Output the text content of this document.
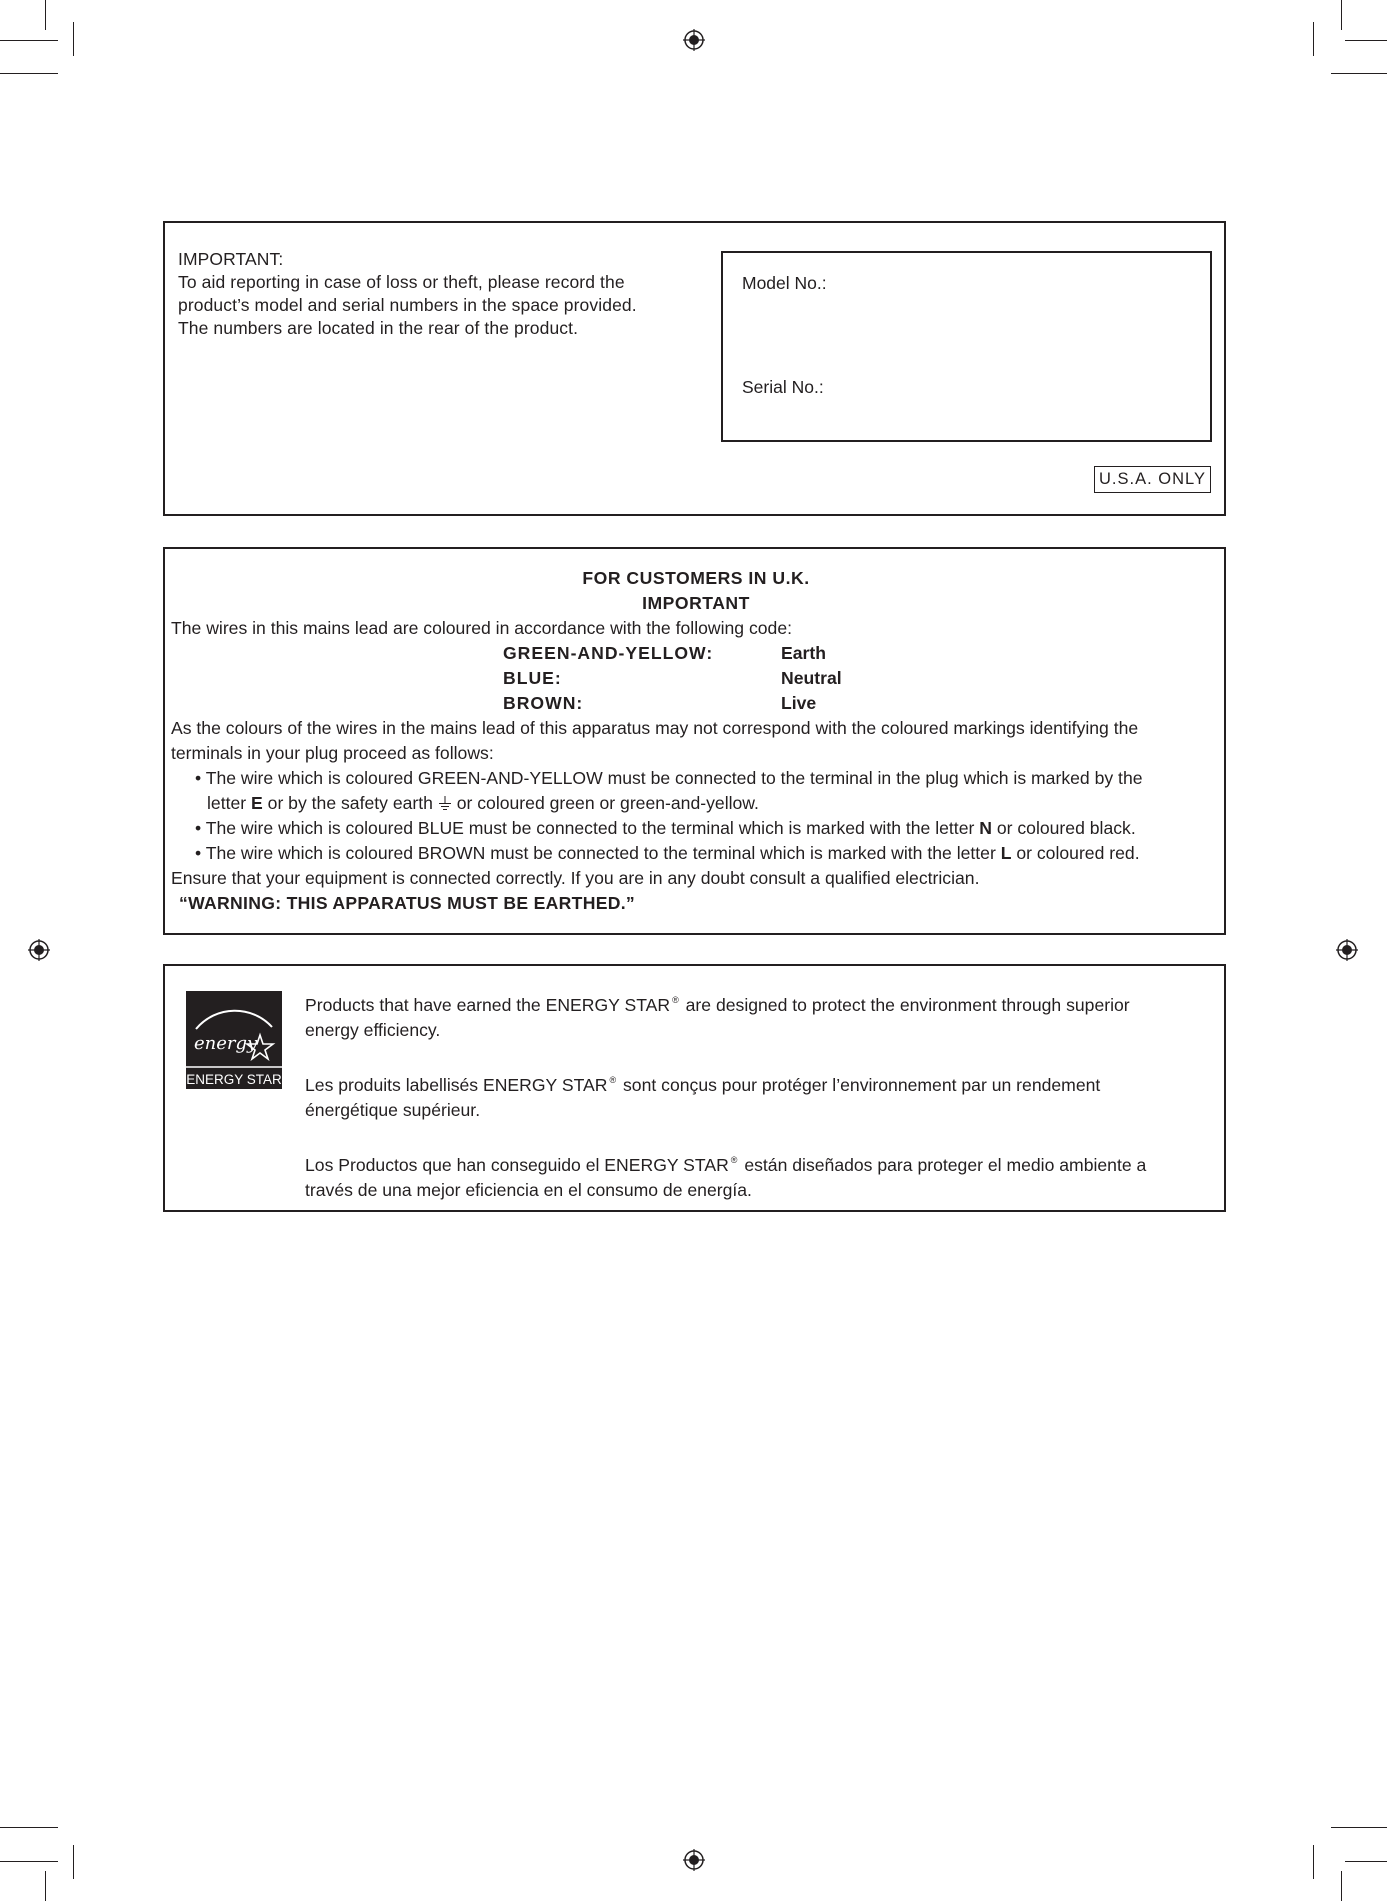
IMPORTANT:
To aid reporting in case of loss or theft, please record the
product’s model and serial numbers in the space provided.
The numbers are located in the rear of the product.
Model No.:
Serial No.:
U.S.A. ONLY
FOR CUSTOMERS IN U.K.
IMPORTANT
The wires in this mains lead are coloured in accordance with the following code:
GREEN-AND-YELLOW:	Earth
BLUE:	Neutral
BROWN:	Live
As the colours of the wires in the mains lead of this apparatus may not correspond with the coloured markings identifying the
terminals in your plug proceed as follows:
• The wire which is coloured GREEN-AND-YELLOW must be connected to the terminal in the plug which is marked by the
letter E or by the safety earth  or coloured green or green-and-yellow.
• The wire which is coloured BLUE must be connected to the terminal which is marked with the letter N or coloured black.
• The wire which is coloured BROWN must be connected to the terminal which is marked with the letter L or coloured red.
Ensure that your equipment is connected correctly. If you are in any doubt consult a qualified electrician.
“WARNING: THIS APPARATUS MUST BE EARTHED.”
energy
ENERGY STAR

Products that have earned the ENERGY STAR ® are designed to protect the environment through superior
energy efficiency.

Les produits labellisés ENERGY STAR ® sont conçus pour protéger l’environnement par un rendement
énergétique supérieur.

Los Productos que han conseguido el ENERGY STAR ® están diseñados para proteger el medio ambiente a
través de una mejor eficiencia en el consumo de energía.
